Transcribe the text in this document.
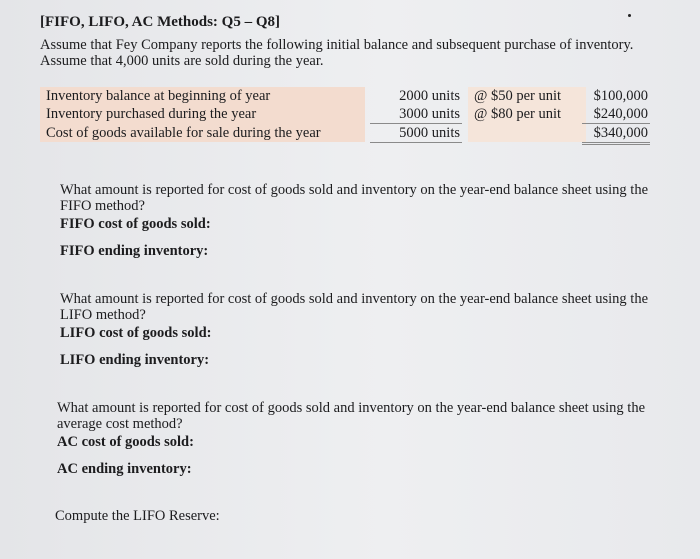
[FIFO, LIFO, AC Methods: Q5 – Q8]
Assume that Fey Company reports the following initial balance and subsequent purchase of inventory. Assume that 4,000 units are sold during the year.
Inventory balance at beginning of year	2000 units @ $50 per unit	$100,000
Inventory purchased during the year	3000 units @ $80 per unit	$240,000
Cost of goods available for sale during the year	5000 units	$340,000
What amount is reported for cost of goods sold and inventory on the year-end balance sheet using the FIFO method?
FIFO cost of goods sold:
FIFO ending inventory:
What amount is reported for cost of goods sold and inventory on the year-end balance sheet using the LIFO method?
LIFO cost of goods sold:
LIFO ending inventory:
What amount is reported for cost of goods sold and inventory on the year-end balance sheet using the average cost method?
AC cost of goods sold:
AC ending inventory:
Compute the LIFO Reserve:
